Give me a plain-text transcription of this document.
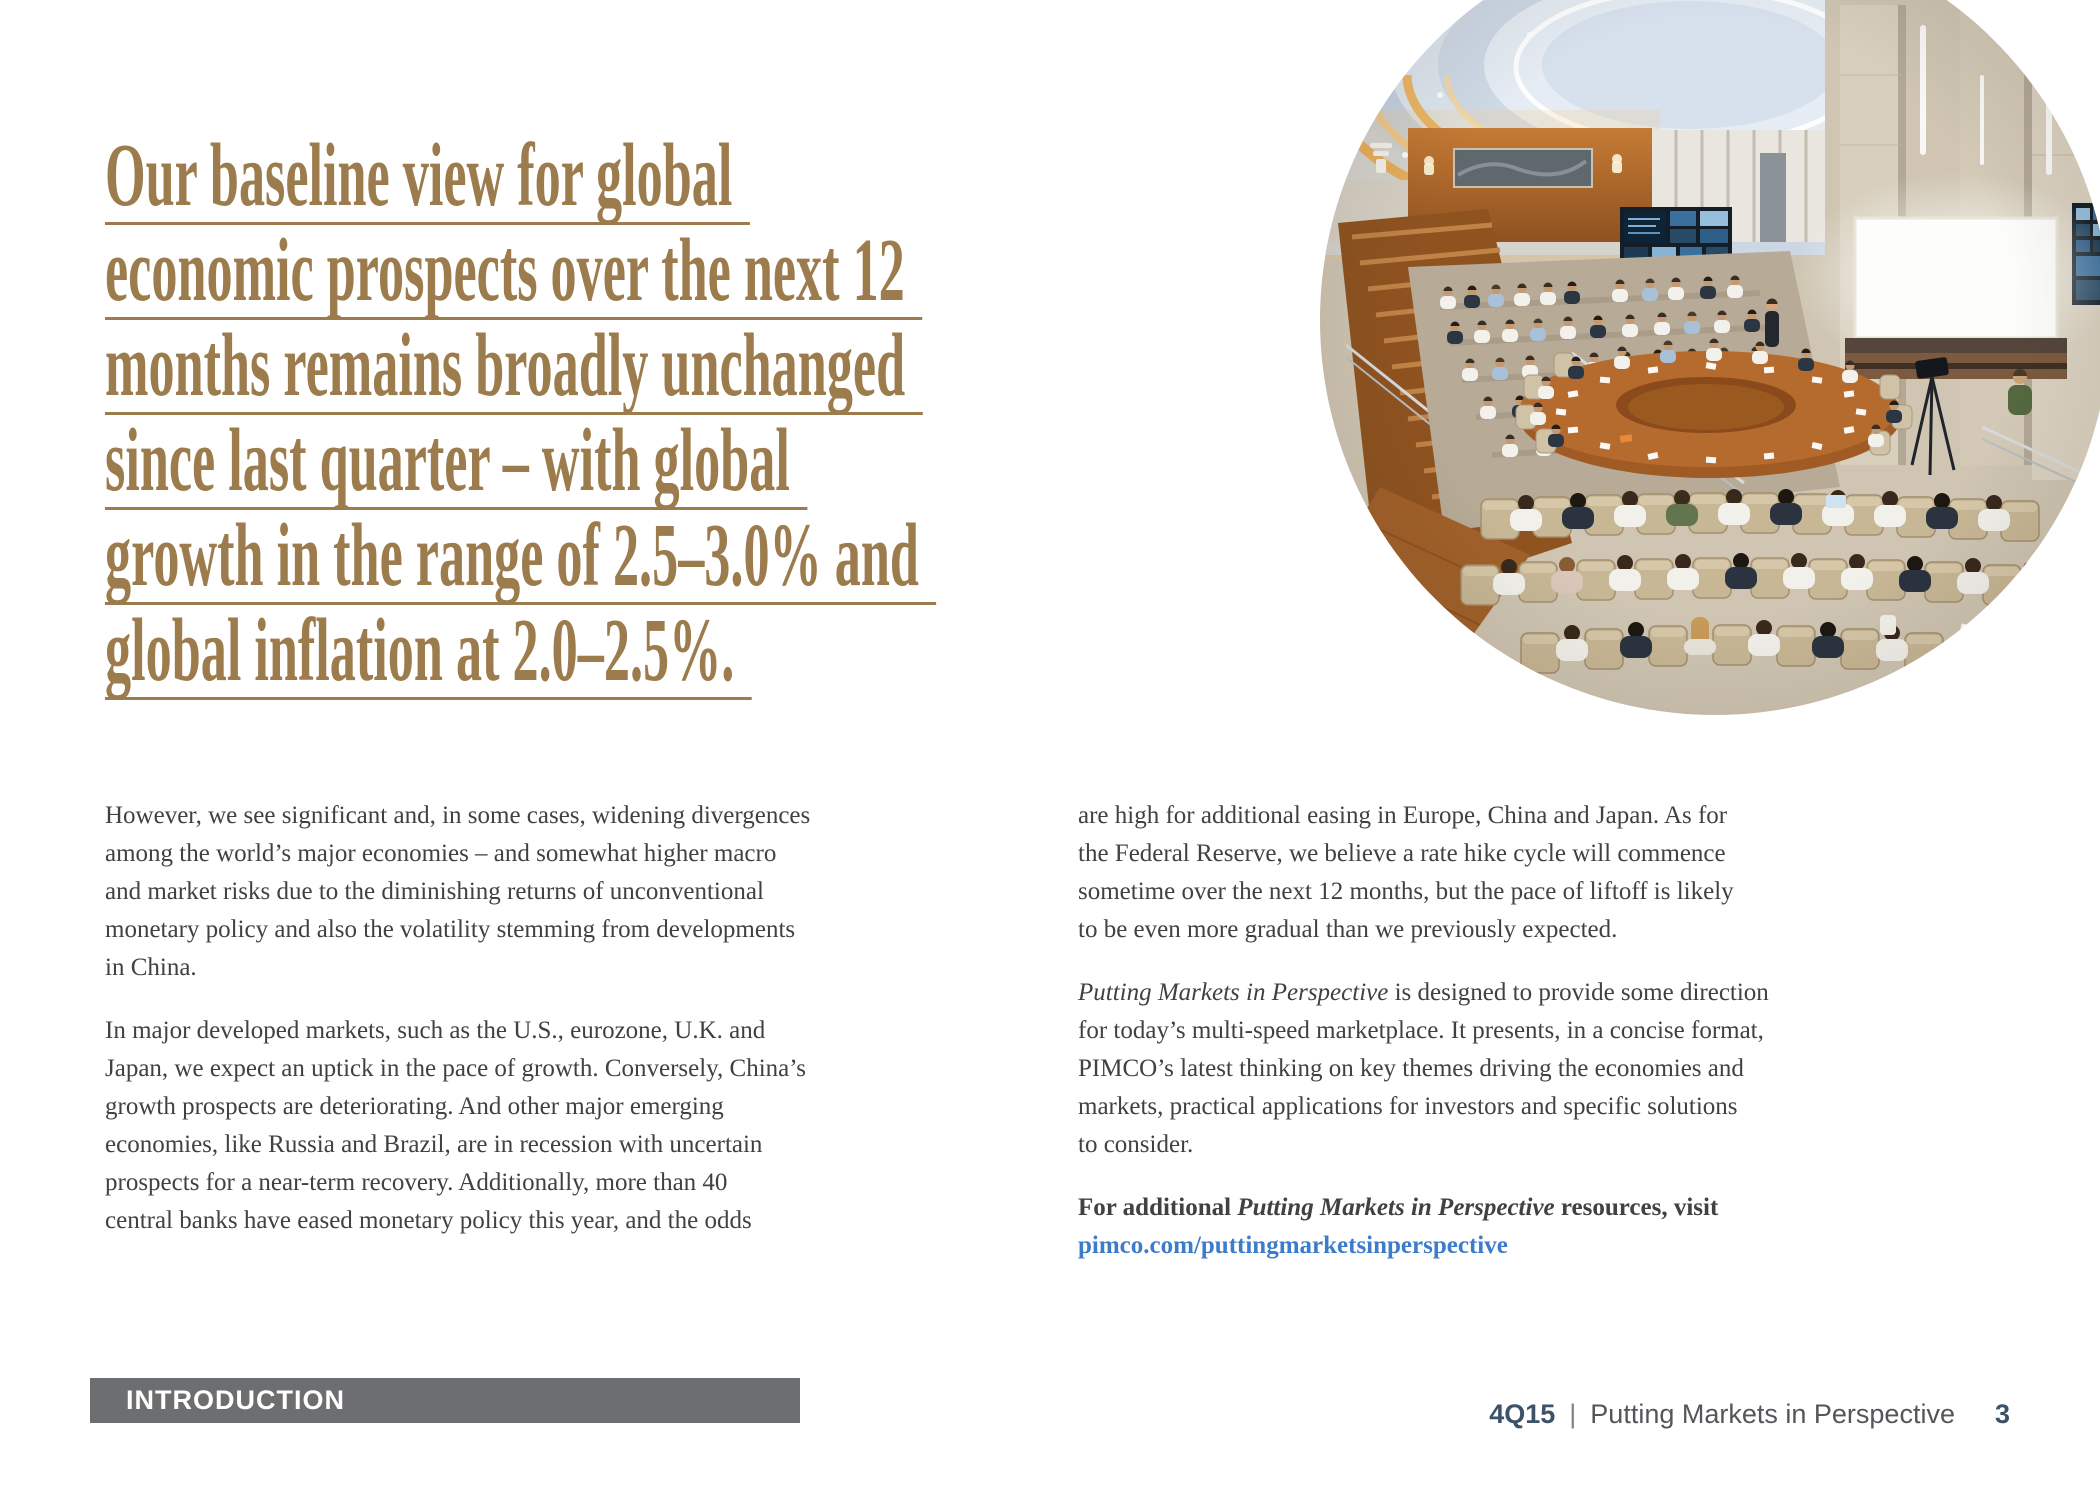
Our baseline view for global
economic prospects over the next 12
months remains broadly unchanged
since last quarter – with global
growth in the range of 2.5–3.0% and
global inflation at 2.0–2.5%.
However, we see significant and, in some cases, widening divergences
among the world’s major economies – and somewhat higher macro
and market risks due to the diminishing returns of unconventional
monetary policy and also the volatility stemming from developments
in China.
In major developed markets, such as the U.S., eurozone, U.K. and
Japan, we expect an uptick in the pace of growth. Conversely, China’s
growth prospects are deteriorating. And other major emerging
economies, like Russia and Brazil, are in recession with uncertain
prospects for a near-term recovery. Additionally, more than 40
central banks have eased monetary policy this year, and the odds
are high for additional easing in Europe, China and Japan. As for
the Federal Reserve, we believe a rate hike cycle will commence
sometime over the next 12 months, but the pace of liftoff is likely
to be even more gradual than we previously expected.
Putting Markets in Perspective is designed to provide some direction
for today’s multi-speed marketplace. It presents, in a concise format,
PIMCO’s latest thinking on key themes driving the economies and
markets, practical applications for investors and specific solutions
to consider.
For additional Putting Markets in Perspective resources, visit
pimco.com/puttingmarketsinperspective
INTRODUCTION	4Q15 | Putting Markets in Perspective 3
